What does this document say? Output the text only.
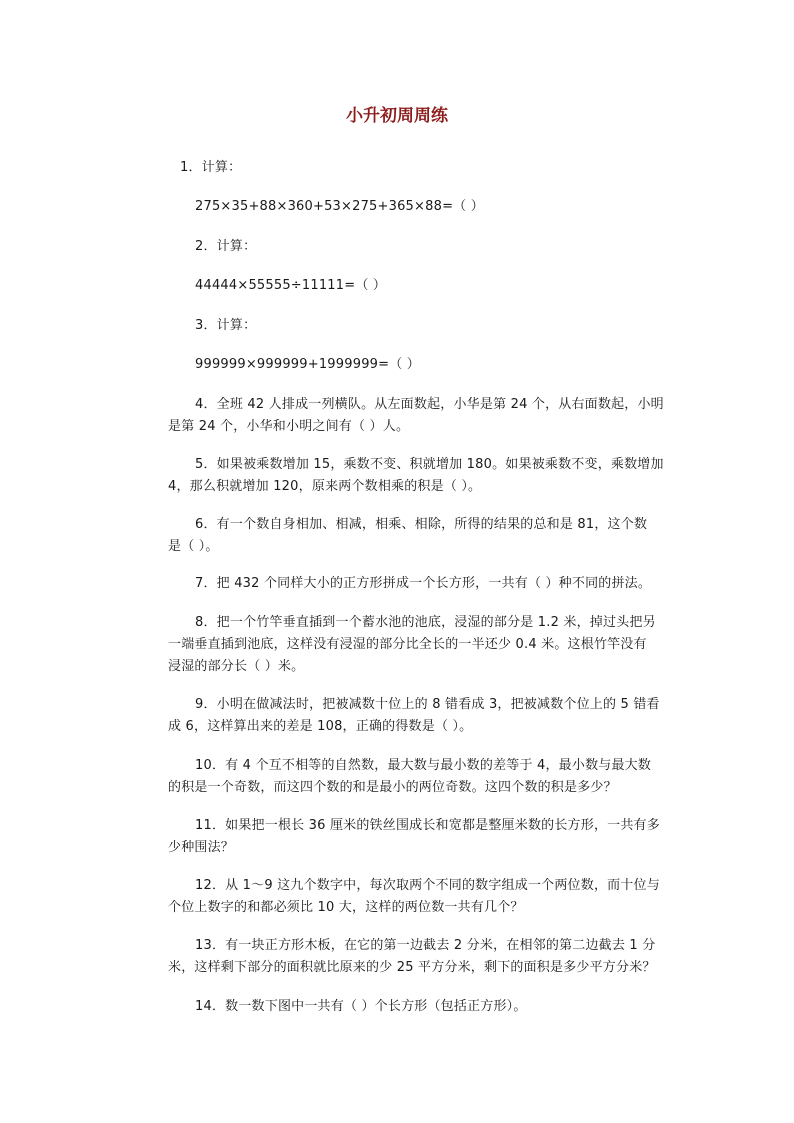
小升初周周练
1．计算：
275×35+88×360+53×275+365×88=（ ）
2．计算：
44444×55555÷11111=（ ）
3．计算：
999999×999999+1999999=（ ）
4．全班 42 人排成一列横队。从左面数起，小华是第 24 个，从右面数起，小明
是第 24 个，小华和小明之间有（ ）人。
5．如果被乘数增加 15，乘数不变、积就增加 180。如果被乘数不变，乘数增加
4，那么积就增加 120，原来两个数相乘的积是（ ）。
6．有一个数自身相加、相减，相乘、相除，所得的结果的总和是 81，这个数
是（ ）。
7．把 432 个同样大小的正方形拼成一个长方形，一共有（ ）种不同的拼法。
8．把一个竹竿垂直插到一个蓄水池的池底，浸湿的部分是 1.2 米，掉过头把另
一端垂直插到池底，这样没有浸湿的部分比全长的一半还少 0.4 米。这根竹竿没有
浸湿的部分长（ ）米。
9．小明在做减法时，把被减数十位上的 8 错看成 3，把被减数个位上的 5 错看
成 6，这样算出来的差是 108，正确的得数是（ ）。
10．有 4 个互不相等的自然数，最大数与最小数的差等于 4，最小数与最大数
的积是一个奇数，而这四个数的和是最小的两位奇数。这四个数的积是多少？
11．如果把一根长 36 厘米的铁丝围成长和宽都是整厘米数的长方形，一共有多
少种围法？
12．从 1～9 这九个数字中，每次取两个不同的数字组成一个两位数，而十位与
个位上数字的和都必须比 10 大，这样的两位数一共有几个？
13．有一块正方形木板，在它的第一边截去 2 分米，在相邻的第二边截去 1 分
米，这样剩下部分的面积就比原来的少 25 平方分米，剩下的面积是多少平方分米？
14．数一数下图中一共有（ ）个长方形（包括正方形）。
